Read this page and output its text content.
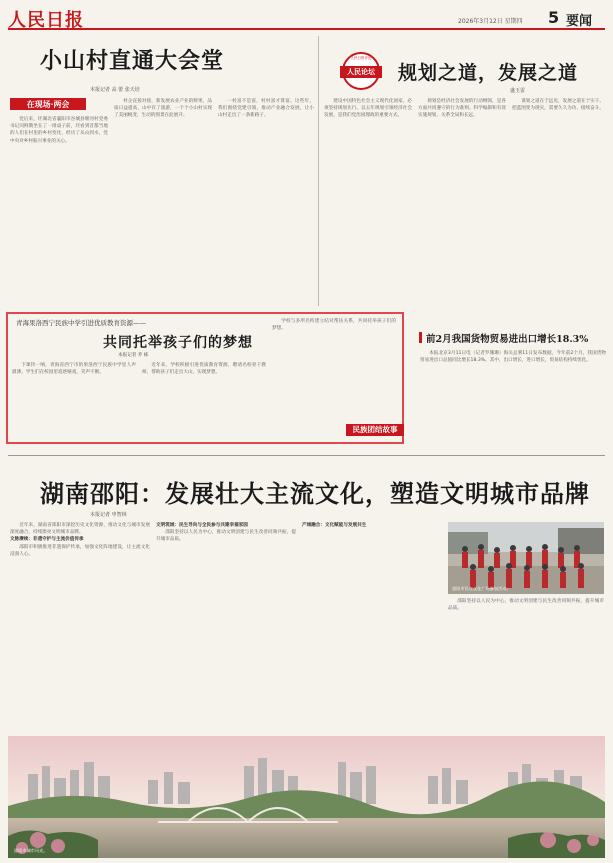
人民日报	2026年3月12日 星期四 5 要闻
小山村直通大会堂
本报记者 高 蕾 张天培
在现场·两会

党后来，坯湖北省襄阳市谷城县堰河村党委书记闵鲜教坐在了一排桌子前，坯看到首都当地的人们在村里的乡村变化，经历了从山到水，党中央对乡村振兴事业的关心。

村企直接对接，新发展农业产业的鲜果，品质日益提高，山中有了旅游，一个个小山村实现了美丽蜕变，生动的图景在此展开。

一村富不是富，村村富才算富。这些年，我们围绕党建引领，推动产业融合发展，让小山村走出了一条新路子。

人民日报评论
人民论坛	规划之道，发展之道
盛玉雷

建设中国特色社会主义现代化国家，必须坚持规划先行。以五年规划引领经济社会发展，是我们党治国理政的重要方式。

规划是经济社会发展的行动纲领，是各方面共同遵守的行为准则。科学编制和有效实施规划，关系全局和长远。

谋划之道在于远见，发展之道在于实干。把蓝图变为现实，需要久久为功、接续奋斗。

青海果洛西宁民族中学引进优质教育资源——
共同托举孩子们的梦想
本报记者 乔 栋

下课铃一响，青海省西宁市的果洛西宁民族中学里人声鼎沸。学生们在校园里追逐嬉戏，笑声不断。

近年来，学校积极引进优质教育资源，聘请名校骨干教师，帮助孩子们走出大山，实现梦想。

学校与多所名校建立结对帮扶关系，共同托举孩子们的梦想。

民族团结故事
前2月我国货物贸易进出口增长18.3%

本报北京3月11日电（记者罗珊珊）海关总署11日发布数据，今年前2个月，我国货物贸易进出口总值同比增长18.3%。其中，出口增长，进口增长，贸易结构持续优化。

湖南邵阳：发展壮大主流文化，塑造文明城市品牌
本报记者 申智林

近年来，湖南省邵阳市深挖历史文化资源，推动文化与城市发展深度融合，持续擦亮文明城市品牌。

文脉赓续：非遗守护与主流价值传承

邵阳市积极推进非遗保护传承，加强文化阵地建设，让主流文化浸润人心。

文明筑城：民生导向与全民参与共建幸福家园

邵阳坚持以人民为中心，推动文明创建与民生改善同频共振，提升城市品质。

产城融合：文化赋能与发展共生

邵阳坚持以人民为中心，推动文明创建与民生改善同频共振，提升城市品质。

邵阳市民在文化广场参加活动。
邵阳市城市风光。
